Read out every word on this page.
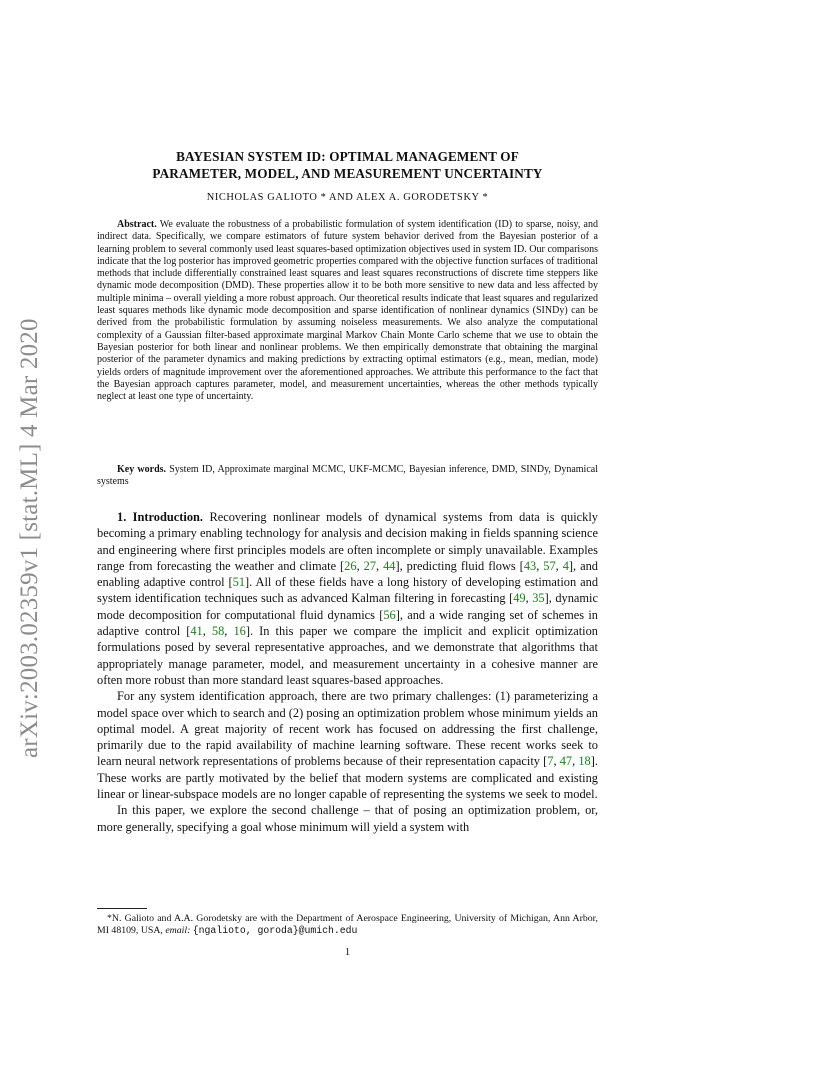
arXiv:2003.02359v1 [stat.ML] 4 Mar 2020
BAYESIAN SYSTEM ID: OPTIMAL MANAGEMENT OF
PARAMETER, MODEL, AND MEASUREMENT UNCERTAINTY
NICHOLAS GALIOTO * AND ALEX A. GORODETSKY *
Abstract. We evaluate the robustness of a probabilistic formulation of system identification (ID) to sparse, noisy, and indirect data. Specifically, we compare estimators of future system behavior derived from the Bayesian posterior of a learning problem to several commonly used least squares-based optimization objectives used in system ID. Our comparisons indicate that the log posterior has improved geometric properties compared with the objective function surfaces of traditional methods that include differentially constrained least squares and least squares reconstructions of discrete time steppers like dynamic mode decomposition (DMD). These properties allow it to be both more sensitive to new data and less affected by multiple minima – overall yielding a more robust approach. Our theoretical results indicate that least squares and regularized least squares methods like dynamic mode decomposition and sparse identification of nonlinear dynamics (SINDy) can be derived from the probabilistic formulation by assuming noiseless measurements. We also analyze the computational complexity of a Gaussian filter-based approximate marginal Markov Chain Monte Carlo scheme that we use to obtain the Bayesian posterior for both linear and nonlinear problems. We then empirically demonstrate that obtaining the marginal posterior of the parameter dynamics and making predictions by extracting optimal estimators (e.g., mean, median, mode) yields orders of magnitude improvement over the aforementioned approaches. We attribute this performance to the fact that the Bayesian approach captures parameter, model, and measurement uncertainties, whereas the other methods typically neglect at least one type of uncertainty.
Key words. System ID, Approximate marginal MCMC, UKF-MCMC, Bayesian inference, DMD, SINDy, Dynamical systems

1. Introduction. Recovering nonlinear models of dynamical systems from data is quickly becoming a primary enabling technology for analysis and decision making in fields spanning science and engineering where first principles models are often incomplete or simply unavailable. Examples range from forecasting the weather and climate [26, 27, 44], predicting fluid flows [43, 57, 4], and enabling adaptive control [51]. All of these fields have a long history of developing estimation and system identification techniques such as advanced Kalman filtering in forecasting [49, 35], dynamic mode decomposition for computational fluid dynamics [56], and a wide ranging set of schemes in adaptive control [41, 58, 16]. In this paper we compare the implicit and explicit optimization formulations posed by several representative approaches, and we demonstrate that algorithms that appropriately manage parameter, model, and measurement uncertainty in a cohesive manner are often more robust than more standard least squares-based approaches.

For any system identification approach, there are two primary challenges: (1) parameterizing a model space over which to search and (2) posing an optimization problem whose minimum yields an optimal model. A great majority of recent work has focused on addressing the first challenge, primarily due to the rapid availability of machine learning software. These recent works seek to learn neural network representations of problems because of their representation capacity [7, 47, 18]. These works are partly motivated by the belief that modern systems are complicated and existing linear or linear-subspace models are no longer capable of representing the systems we seek to model.

In this paper, we explore the second challenge – that of posing an optimization problem, or, more generally, specifying a goal whose minimum will yield a system with

*N. Galioto and A.A. Gorodetsky are with the Department of Aerospace Engineering, University of Michigan, Ann Arbor, MI 48109, USA, email: {ngalioto, goroda}@umich.edu
1
